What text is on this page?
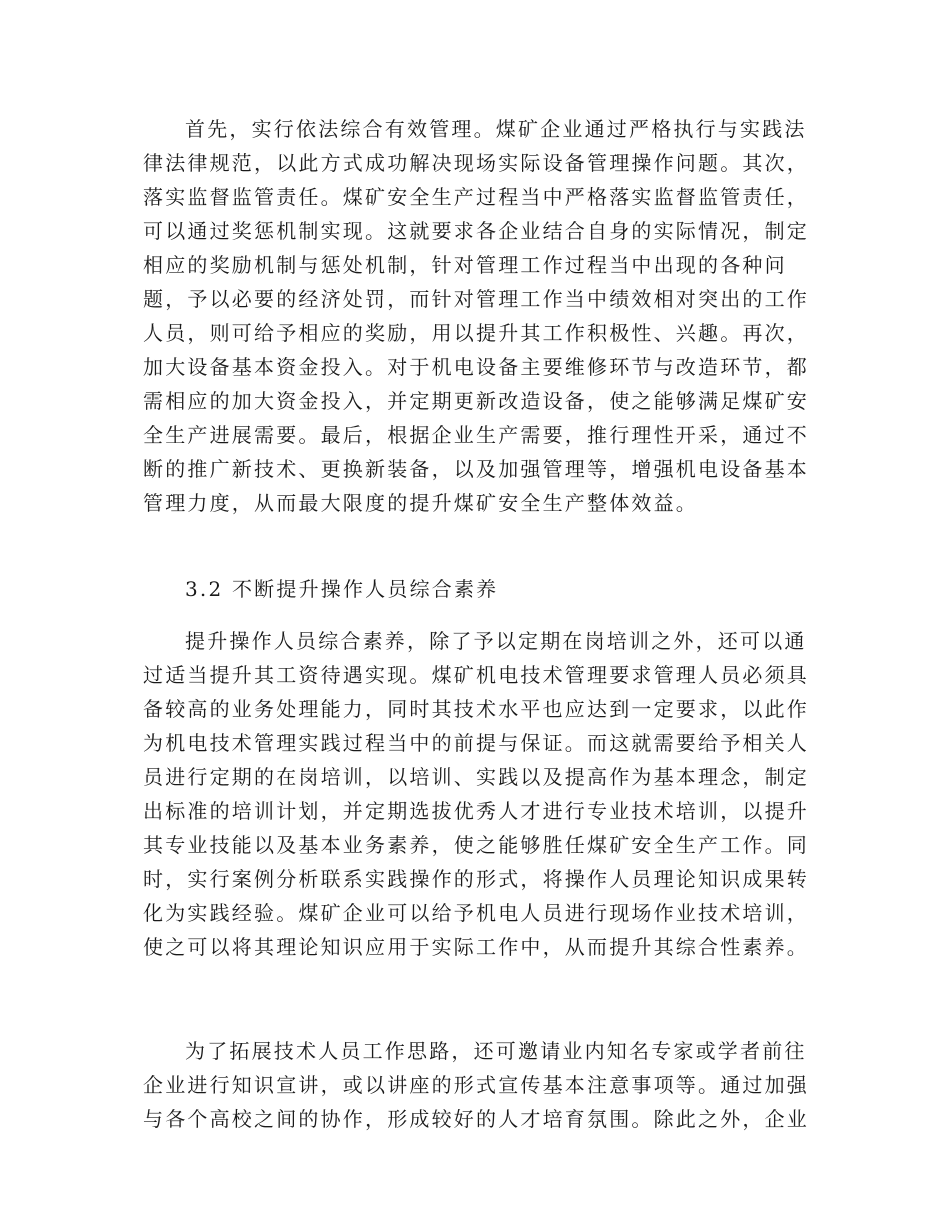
首先，实行依法综合有效管理。煤矿企业通过严格执行与实践法
律法律规范，以此方式成功解决现场实际设备管理操作问题。其次，
落实监督监管责任。煤矿安全生产过程当中严格落实监督监管责任，
可以通过奖惩机制实现。这就要求各企业结合自身的实际情况，制定
相应的奖励机制与惩处机制，针对管理工作过程当中出现的各种问
题，予以必要的经济处罚，而针对管理工作当中绩效相对突出的工作
人员，则可给予相应的奖励，用以提升其工作积极性、兴趣。再次，
加大设备基本资金投入。对于机电设备主要维修环节与改造环节，都
需相应的加大资金投入，并定期更新改造设备，使之能够满足煤矿安
全生产进展需要。最后，根据企业生产需要，推行理性开采，通过不
断的推广新技术、更换新装备，以及加强管理等，增强机电设备基本
管理力度，从而最大限度的提升煤矿安全生产整体效益。
3.2 不断提升操作人员综合素养
提升操作人员综合素养，除了予以定期在岗培训之外，还可以通
过适当提升其工资待遇实现。煤矿机电技术管理要求管理人员必须具
备较高的业务处理能力，同时其技术水平也应达到一定要求，以此作
为机电技术管理实践过程当中的前提与保证。而这就需要给予相关人
员进行定期的在岗培训，以培训、实践以及提高作为基本理念，制定
出标准的培训计划，并定期选拔优秀人才进行专业技术培训，以提升
其专业技能以及基本业务素养，使之能够胜任煤矿安全生产工作。同
时，实行案例分析联系实践操作的形式，将操作人员理论知识成果转
化为实践经验。煤矿企业可以给予机电人员进行现场作业技术培训，
使之可以将其理论知识应用于实际工作中，从而提升其综合性素养。
为了拓展技术人员工作思路，还可邀请业内知名专家或学者前往
企业进行知识宣讲，或以讲座的形式宣传基本注意事项等。通过加强
与各个高校之间的协作，形成较好的人才培育氛围。除此之外，企业
